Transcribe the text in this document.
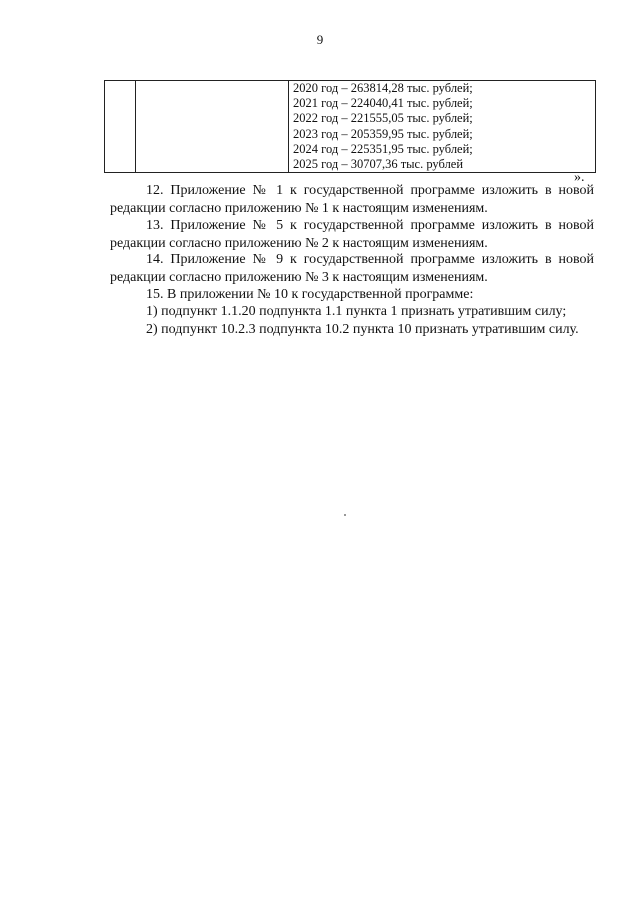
9

2020 год – 263814,28 тыс. рублей;
2021 год – 224040,41 тыс. рублей;
2022 год – 221555,05 тыс. рублей;
2023 год – 205359,95 тыс. рублей;
2024 год – 225351,95 тыс. рублей;
2025 год – 30707,36 тыс. рублей
».

12. Приложение № 1 к государственной программе изложить в новой

редакции согласно приложению № 1 к настоящим изменениям.

13. Приложение № 5 к государственной программе изложить в новой

редакции согласно приложению № 2 к настоящим изменениям.

14. Приложение № 9 к государственной программе изложить в новой

редакции согласно приложению № 3 к настоящим изменениям.

15. В приложении № 10 к государственной программе:

1) подпункт 1.1.20 подпункта 1.1 пункта 1 признать утратившим силу;

2) подпункт 10.2.3 подпункта 10.2 пункта 10 признать утратившим силу.
